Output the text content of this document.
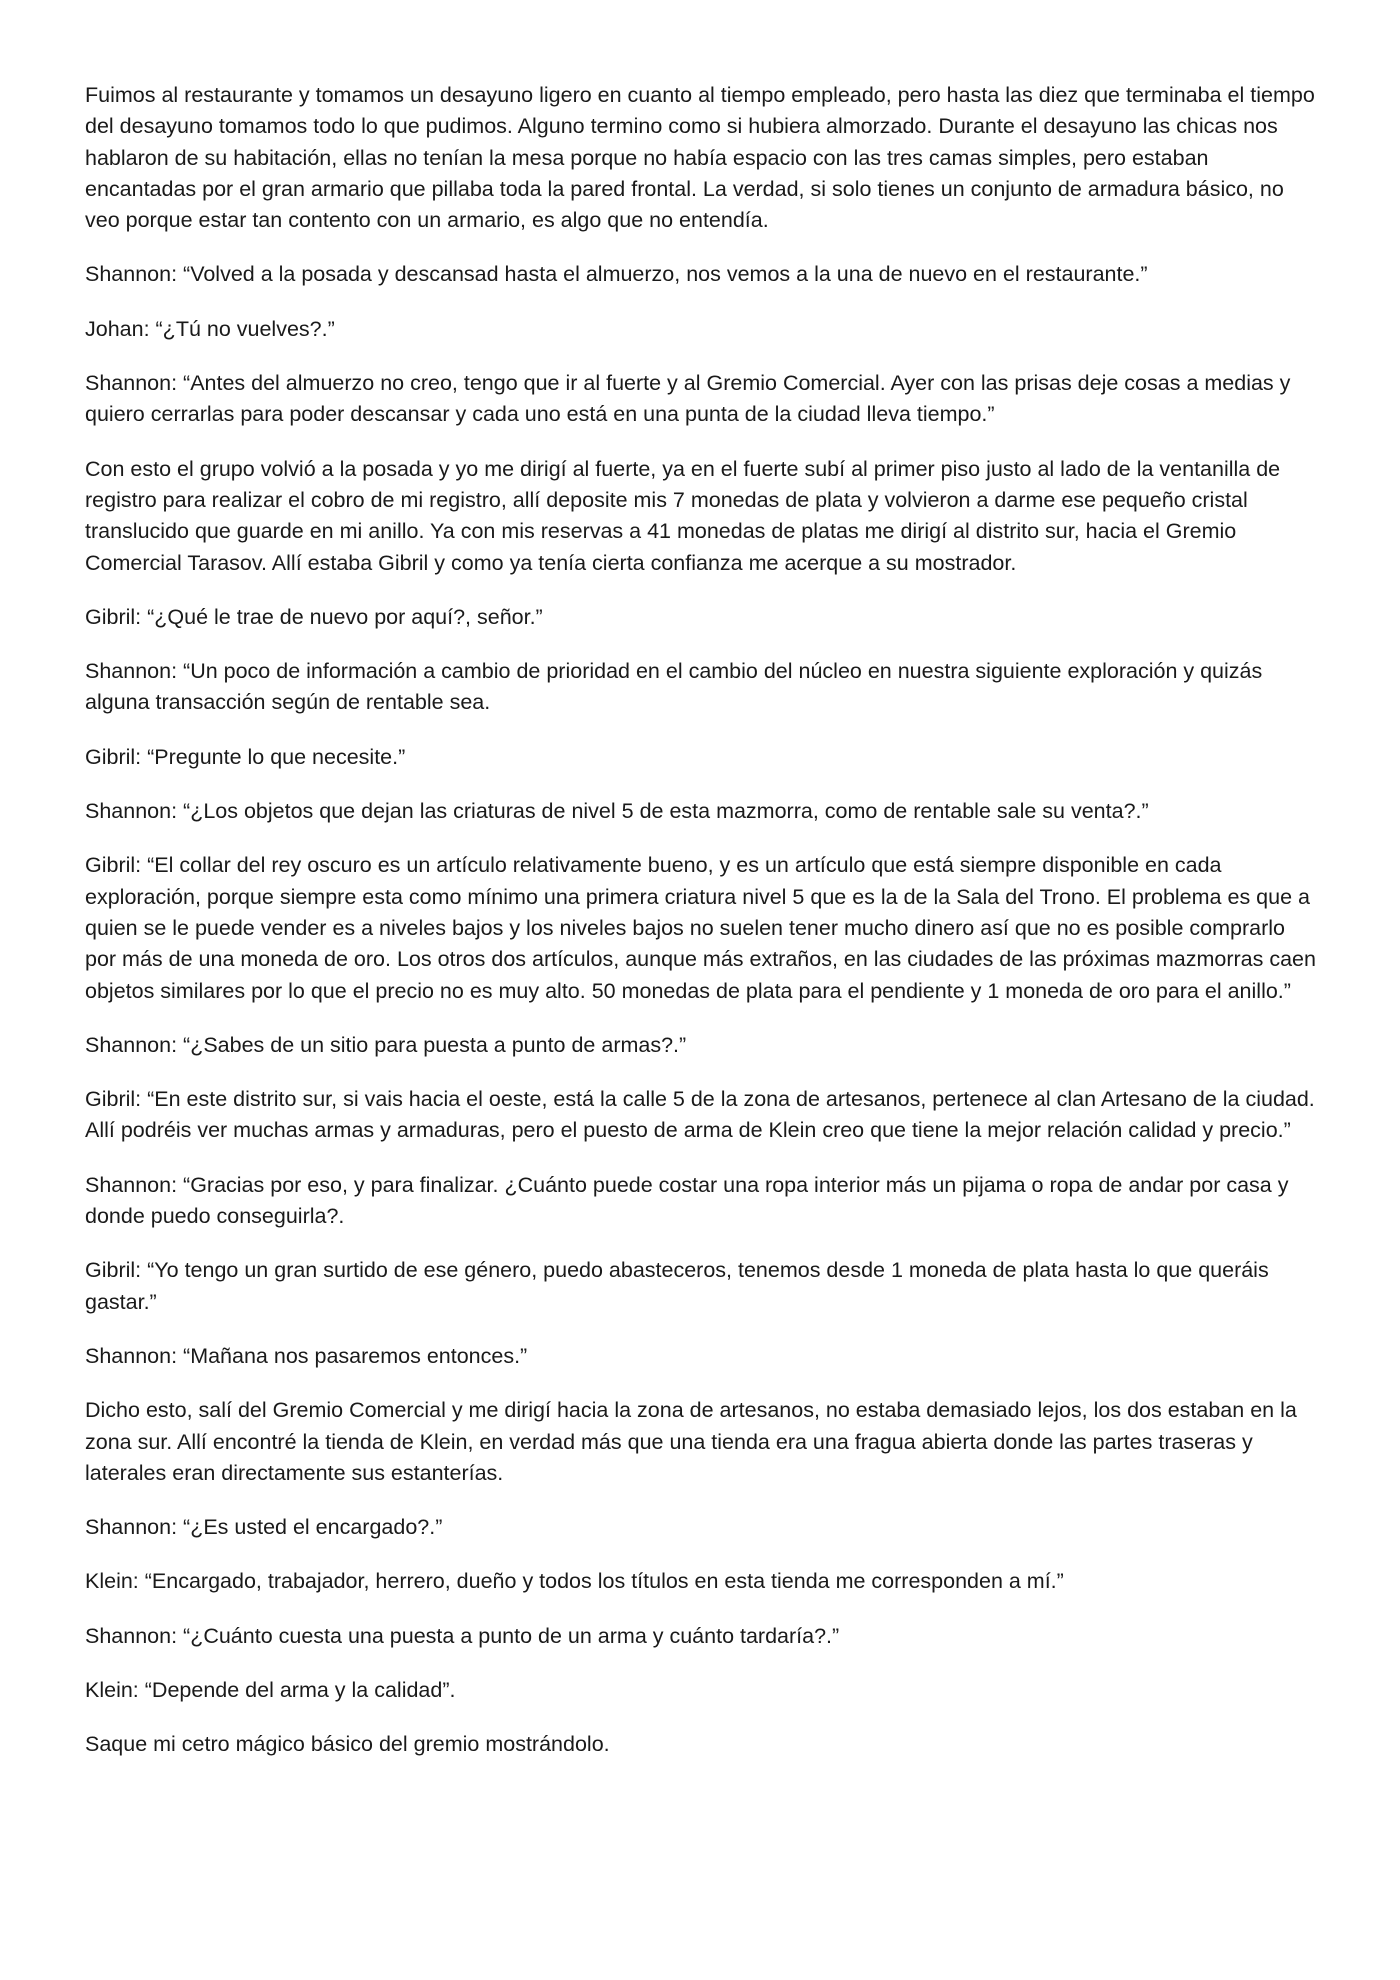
Fuimos al restaurante y tomamos un desayuno ligero en cuanto al tiempo empleado, pero hasta las diez que terminaba el tiempo del desayuno tomamos todo lo que pudimos. Alguno termino como si hubiera almorzado. Durante el desayuno las chicas nos hablaron de su habitación, ellas no tenían la mesa porque no había espacio con las tres camas simples, pero estaban encantadas por el gran armario que pillaba toda la pared frontal. La verdad, si solo tienes un conjunto de armadura básico, no veo porque estar tan contento con un armario, es algo que no entendía.

Shannon: “Volved a la posada y descansad hasta el almuerzo, nos vemos a la una de nuevo en el restaurante.”

Johan: “¿Tú no vuelves?.”

Shannon: “Antes del almuerzo no creo, tengo que ir al fuerte y al Gremio Comercial. Ayer con las prisas deje cosas a medias y quiero cerrarlas para poder descansar y cada uno está en una punta de la ciudad lleva tiempo.”

Con esto el grupo volvió a la posada y yo me dirigí al fuerte, ya en el fuerte subí al primer piso justo al lado de la ventanilla de registro para realizar el cobro de mi registro, allí deposite mis 7 monedas de plata y volvieron a darme ese pequeño cristal translucido que guarde en mi anillo. Ya con mis reservas a 41 monedas de platas me dirigí al distrito sur, hacia el Gremio Comercial Tarasov. Allí estaba Gibril y como ya tenía cierta confianza me acerque a su mostrador.

Gibril: “¿Qué le trae de nuevo por aquí?, señor.”

Shannon: “Un poco de información a cambio de prioridad en el cambio del núcleo en nuestra siguiente exploración y quizás alguna transacción según de rentable sea.

Gibril: “Pregunte lo que necesite.”

Shannon: “¿Los objetos que dejan las criaturas de nivel 5 de esta mazmorra, como de rentable sale su venta?.”

Gibril: “El collar del rey oscuro es un artículo relativamente bueno, y es un artículo que está siempre disponible en cada exploración, porque siempre esta como mínimo una primera criatura nivel 5 que es la de la Sala del Trono. El problema es que a quien se le puede vender es a niveles bajos y los niveles bajos no suelen tener mucho dinero así que no es posible comprarlo por más de una moneda de oro. Los otros dos artículos, aunque más extraños, en las ciudades de las próximas mazmorras caen objetos similares por lo que el precio no es muy alto. 50 monedas de plata para el pendiente y 1 moneda de oro para el anillo.”

Shannon: “¿Sabes de un sitio para puesta a punto de armas?.”

Gibril: “En este distrito sur, si vais hacia el oeste, está la calle 5 de la zona de artesanos, pertenece al clan Artesano de la ciudad. Allí podréis ver muchas armas y armaduras, pero el puesto de arma de Klein creo que tiene la mejor relación calidad y precio.”

Shannon: “Gracias por eso, y para finalizar. ¿Cuánto puede costar una ropa interior más un pijama o ropa de andar por casa y donde puedo conseguirla?.

Gibril: “Yo tengo un gran surtido de ese género, puedo abasteceros, tenemos desde 1 moneda de plata hasta lo que queráis gastar.”

Shannon: “Mañana nos pasaremos entonces.”

Dicho esto, salí del Gremio Comercial y me dirigí hacia la zona de artesanos, no estaba demasiado lejos, los dos estaban en la zona sur. Allí encontré la tienda de Klein, en verdad más que una tienda era una fragua abierta donde las partes traseras y laterales eran directamente sus estanterías.

Shannon: “¿Es usted el encargado?.”

Klein: “Encargado, trabajador, herrero, dueño y todos los títulos en esta tienda me corresponden a mí.”

Shannon: “¿Cuánto cuesta una puesta a punto de un arma y cuánto tardaría?.”

Klein: “Depende del arma y la calidad”.

Saque mi cetro mágico básico del gremio mostrándolo.
